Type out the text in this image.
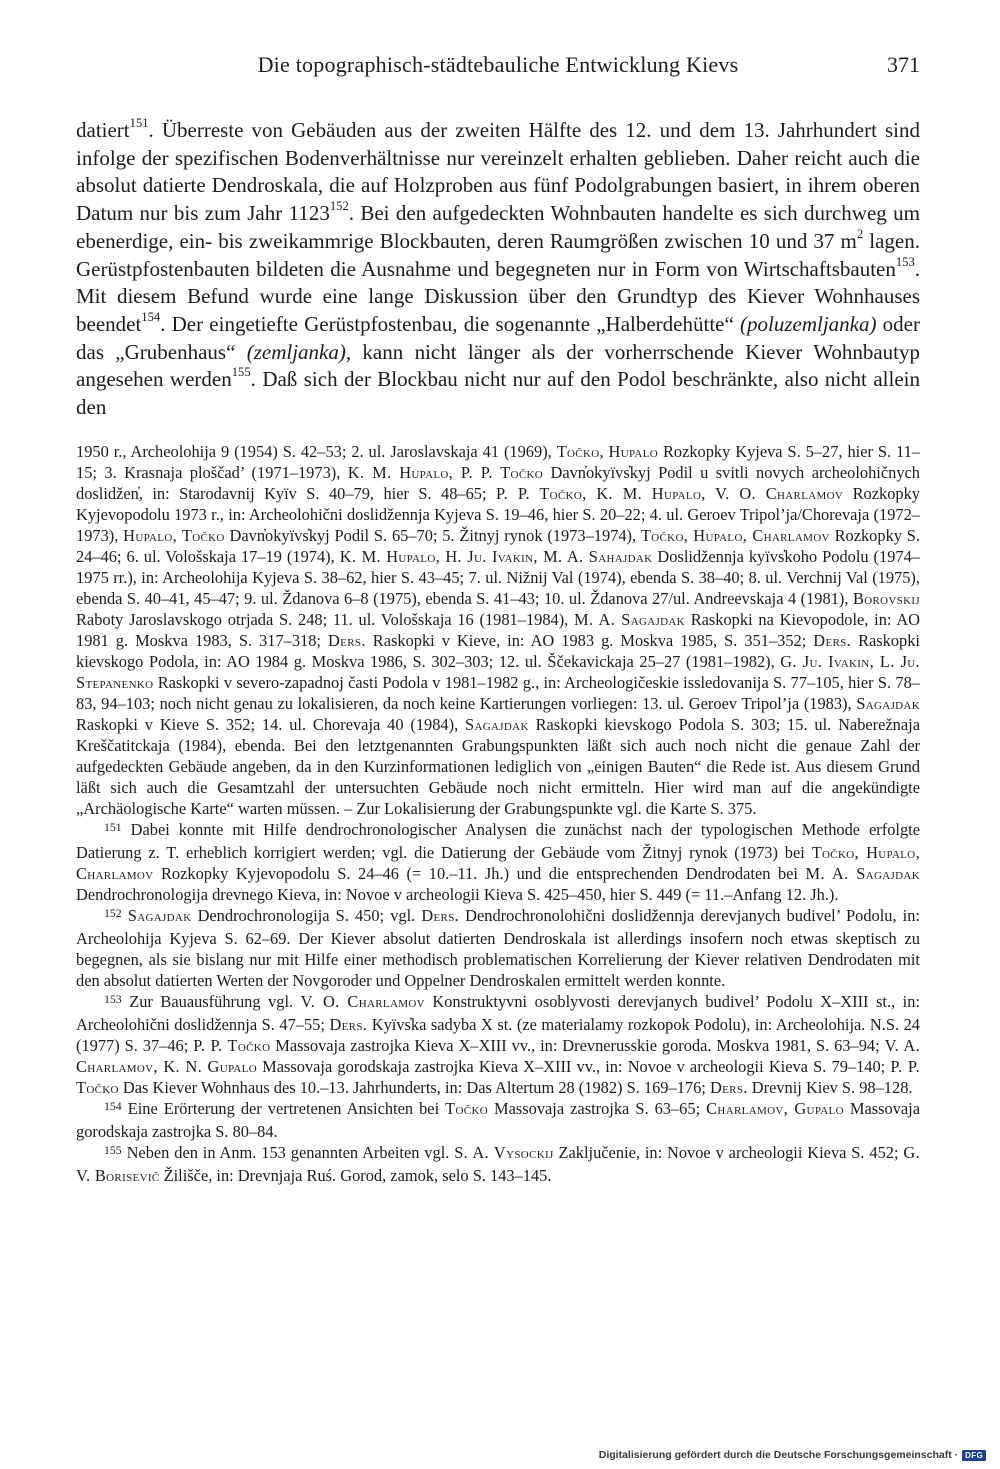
Die topographisch-städtebauliche Entwicklung Kievs	371
datiert$^{151}$. Überreste von Gebäuden aus der zweiten Hälfte des 12. und dem 13. Jahrhundert sind infolge der spezifischen Bodenverhältnisse nur vereinzelt erhalten geblieben. Daher reicht auch die absolut datierte Dendroskala, die auf Holzproben aus fünf Podolgrabungen basiert, in ihrem oberen Datum nur bis zum Jahr 1123$^{152}$. Bei den aufgedeckten Wohnbauten handelte es sich durchweg um ebenerdige, ein- bis zweikammrige Blockbauten, deren Raumgrößen zwischen 10 und 37 $m^2$ lagen. Gerüstpfostenbauten bildeten die Ausnahme und begegneten nur in Form von Wirtschaftsbauten$^{153}$. Mit diesem Befund wurde eine lange Diskussion über den Grundtyp des Kiever Wohnhauses beendet$^{154}$. Der eingetiefte Gerüstpfostenbau, die sogenannte „Halberdehütte“ (poluzemljanka) oder das „Grubenhaus“ (zemljanka), kann nicht länger als der vorherrschende Kiever Wohnbautyp angesehen werden$^{155}$. Daß sich der Blockbau nicht nur auf den Podol beschränkte, also nicht allein den

1950 r., Archeolohija 9 (1954) S. 42–53; 2. ul. Jaroslavskaja 41 (1969), Točko, Hupalo Rozkopky Kyjeva S. 5–27, hier S. 11–15; 3. Krasnaja ploščad’ (1971–1973), K. M. Hupalo, P. P. Točko Davn̓okyïvs̓kyj Podil u svitli novych archeolohičnych doslidžen̓, in: Starodavnij Kyïv S. 40–79, hier S. 48–65; P. P. Točko, K. M. Hupalo, V. O. Charlamov Rozkopky Kyjevopodolu 1973 r., in: Archeolohični doslidžennja Kyjeva S. 19–46, hier S. 20–22; 4. ul. Geroev Tripol’ja/Chorevaja (1972–1973), Hupalo, Točko Davn̓okyïvs̓kyj Podil S. 65–70; 5. Žitnyj rynok (1973–1974), Točko, Hupalo, Charlamov Rozkopky S. 24–46; 6. ul. Vološskaja 17–19 (1974), K. M. Hupalo, H. Ju. Ivakin, M. A. Sahajdak Doslidžennja kyïvs̓koho Podolu (1974–1975 rr.), in: Archeolohija Kyjeva S. 38–62, hier S. 43–45; 7. ul. Nižnij Val (1974), ebenda S. 38–40; 8. ul. Verchnij Val (1975), ebenda S. 40–41, 45–47; 9. ul. Ždanova 6–8 (1975), ebenda S. 41–43; 10. ul. Ždanova 27/ul. Andreevskaja 4 (1981), Borovskij Raboty Jaroslavskogo otrjada S. 248; 11. ul. Vološskaja 16 (1981–1984), M. A. Sagajdak Raskopki na Kievopodole, in: AO 1981 g. Moskva 1983, S. 317–318; Ders. Raskopki v Kieve, in: AO 1983 g. Moskva 1985, S. 351–352; Ders. Raskopki kievskogo Podola, in: AO 1984 g. Moskva 1986, S. 302–303; 12. ul. Ščekavickaja 25–27 (1981–1982), G. Ju. Ivakin, L. Ju. Stepanenko Raskopki v severo-zapadnoj časti Podola v 1981–1982 g., in: Archeologičeskie issledovanija S. 77–105, hier S. 78–83, 94–103; noch nicht genau zu lokalisieren, da noch keine Kartierungen vorliegen: 13. ul. Geroev Tripol’ja (1983), Sagajdak Raskopki v Kieve S. 352; 14. ul. Chorevaja 40 (1984), Sagajdak Raskopki kievskogo Podola S. 303; 15. ul. Naberežnaja Kreščatitckaja (1984), ebenda. Bei den letztgenannten Grabungspunkten läßt sich auch noch nicht die genaue Zahl der aufgedeckten Gebäude angeben, da in den Kurzinformationen lediglich von „einigen Bauten“ die Rede ist. Aus diesem Grund läßt sich auch die Gesamtzahl der untersuchten Gebäude noch nicht ermitteln. Hier wird man auf die angekündigte „Archäologische Karte“ warten müssen. – Zur Lokalisierung der Grabungspunkte vgl. die Karte S. 375.

$^{151}$ Dabei konnte mit Hilfe dendrochronologischer Analysen die zunächst nach der typologischen Methode erfolgte Datierung z. T. erheblich korrigiert werden; vgl. die Datierung der Gebäude vom Žitnyj rynok (1973) bei Točko, Hupalo, Charlamov Rozkopky Kyjevopodolu S. 24–46 (= 10.–11. Jh.) und die entsprechenden Dendrodaten bei M. A. Sagajdak Dendrochronologija drevnego Kieva, in: Novoe v archeologii Kieva S. 425–450, hier S. 449 (= 11.–Anfang 12. Jh.).

$^{152}$ Sagajdak Dendrochronologija S. 450; vgl. Ders. Dendrochronolohični doslidžennja derevjanych budivel’ Podolu, in: Archeolohija Kyjeva S. 62–69. Der Kiever absolut datierten Dendroskala ist allerdings insofern noch etwas skeptisch zu begegnen, als sie bislang nur mit Hilfe einer methodisch problematischen Korrelierung der Kiever relativen Dendrodaten mit den absolut datierten Werten der Novgoroder und Oppelner Dendroskalen ermittelt werden konnte.

$^{153}$ Zur Bauausführung vgl. V. O. Charlamov Konstruktyvni osoblyvosti derevjanych budivel’ Podolu X–XIII st., in: Archeolohični doslidžennja S. 47–55; Ders. Kyïvs̓ka sadyba X st. (ze materialamy rozkopok Podolu), in: Archeolohija. N.S. 24 (1977) S. 37–46; P. P. Točko Massovaja zastrojka Kieva X–XIII vv., in: Drevnerusskie goroda. Moskva 1981, S. 63–94; V. A. Charlamov, K. N. Gupalo Massovaja gorodskaja zastrojka Kieva X–XIII vv., in: Novoe v archeologii Kieva S. 79–140; P. P. Točko Das Kiever Wohnhaus des 10.–13. Jahrhunderts, in: Das Altertum 28 (1982) S. 169–176; Ders. Drevnij Kiev S. 98–128.

$^{154}$ Eine Erörterung der vertretenen Ansichten bei Točko Massovaja zastrojka S. 63–65; Charlamov, Gupalo Massovaja gorodskaja zastrojka S. 80–84.

$^{155}$ Neben den in Anm. 153 genannten Arbeiten vgl. S. A. Vysockij Zaključenie, in: Novoe v archeologii Kieva S. 452; G. V. Borisevič Žilišče, in: Drevnjaja Ruś. Gorod, zamok, selo S. 143–145.

Digitalisierung gefördert durch die Deutsche Forschungsgemeinschaft · DFG
